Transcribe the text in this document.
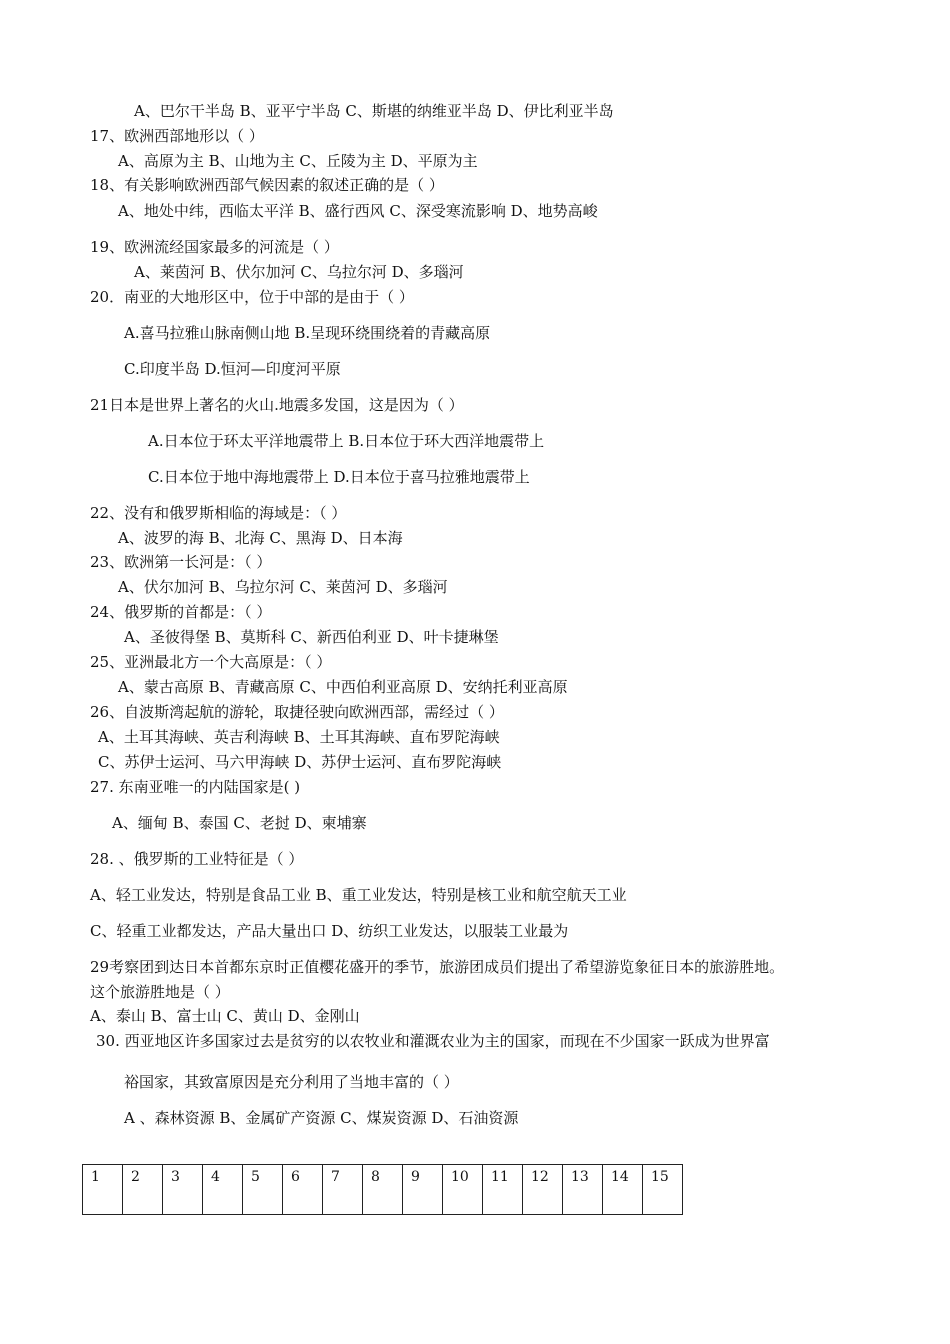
A、巴尔干半岛 B、亚平宁半岛 C、斯堪的纳维亚半岛 D、伊比利亚半岛
17、欧洲西部地形以（ ）
A、高原为主 B、山地为主 C、丘陵为主 D、平原为主
18、有关影响欧洲西部气候因素的叙述正确的是（ ）
A、地处中纬，西临太平洋 B、盛行西风 C、深受寒流影响 D、地势高峻
19、欧洲流经国家最多的河流是（ ）
A、莱茵河 B、伏尔加河 C、乌拉尔河 D、多瑙河
20．南亚的大地形区中，位于中部的是由于（ ）
A.喜马拉雅山脉南侧山地 B.呈现环绕围绕着的青藏高原
C.印度半岛 D.恒河—印度河平原
21日本是世界上著名的火山.地震多发国，这是因为（ ）
A.日本位于环太平洋地震带上 B.日本位于环大西洋地震带上
C.日本位于地中海地震带上 D.日本位于喜马拉雅地震带上
22、没有和俄罗斯相临的海域是：（ ）
A、波罗的海 B、北海 C、黑海 D、日本海
23、欧洲第一长河是：（ ）
A、伏尔加河 B、乌拉尔河 C、莱茵河 D、多瑙河
24、俄罗斯的首都是：（ ）
A、圣彼得堡 B、莫斯科 C、新西伯利亚 D、叶卡捷琳堡
25、亚洲最北方一个大高原是：（ ）
A、蒙古高原 B、青藏高原 C、中西伯利亚高原 D、安纳托利亚高原
26、自波斯湾起航的游轮，取捷径驶向欧洲西部，需经过（ ）
A、土耳其海峡、英吉利海峡 B、土耳其海峡、直布罗陀海峡
C、苏伊士运河、马六甲海峡 D、苏伊士运河、直布罗陀海峡
27. 东南亚唯一的内陆国家是( )
A、缅甸 B、泰国 C、老挝 D、柬埔寨
28. 、俄罗斯的工业特征是（ ）
A、轻工业发达，特别是食品工业 B、重工业发达，特别是核工业和航空航天工业
C、轻重工业都发达，产品大量出口 D、纺织工业发达，以服装工业最为
29考察团到达日本首都东京时正值樱花盛开的季节，旅游团成员们提出了希望游览象征日本的旅游胜地。
这个旅游胜地是（ ）
A、泰山 B、富士山 C、黄山 D、金刚山
30. 西亚地区许多国家过去是贫穷的以农牧业和灌溉农业为主的国家，而现在不少国家一跃成为世界富
裕国家，其致富原因是充分利用了当地丰富的（ ）
A 、森林资源 B、金属矿产资源 C、煤炭资源 D、石油资源
1	2	3	4	5	6	7	8	9	10	11	12	13	14	15
